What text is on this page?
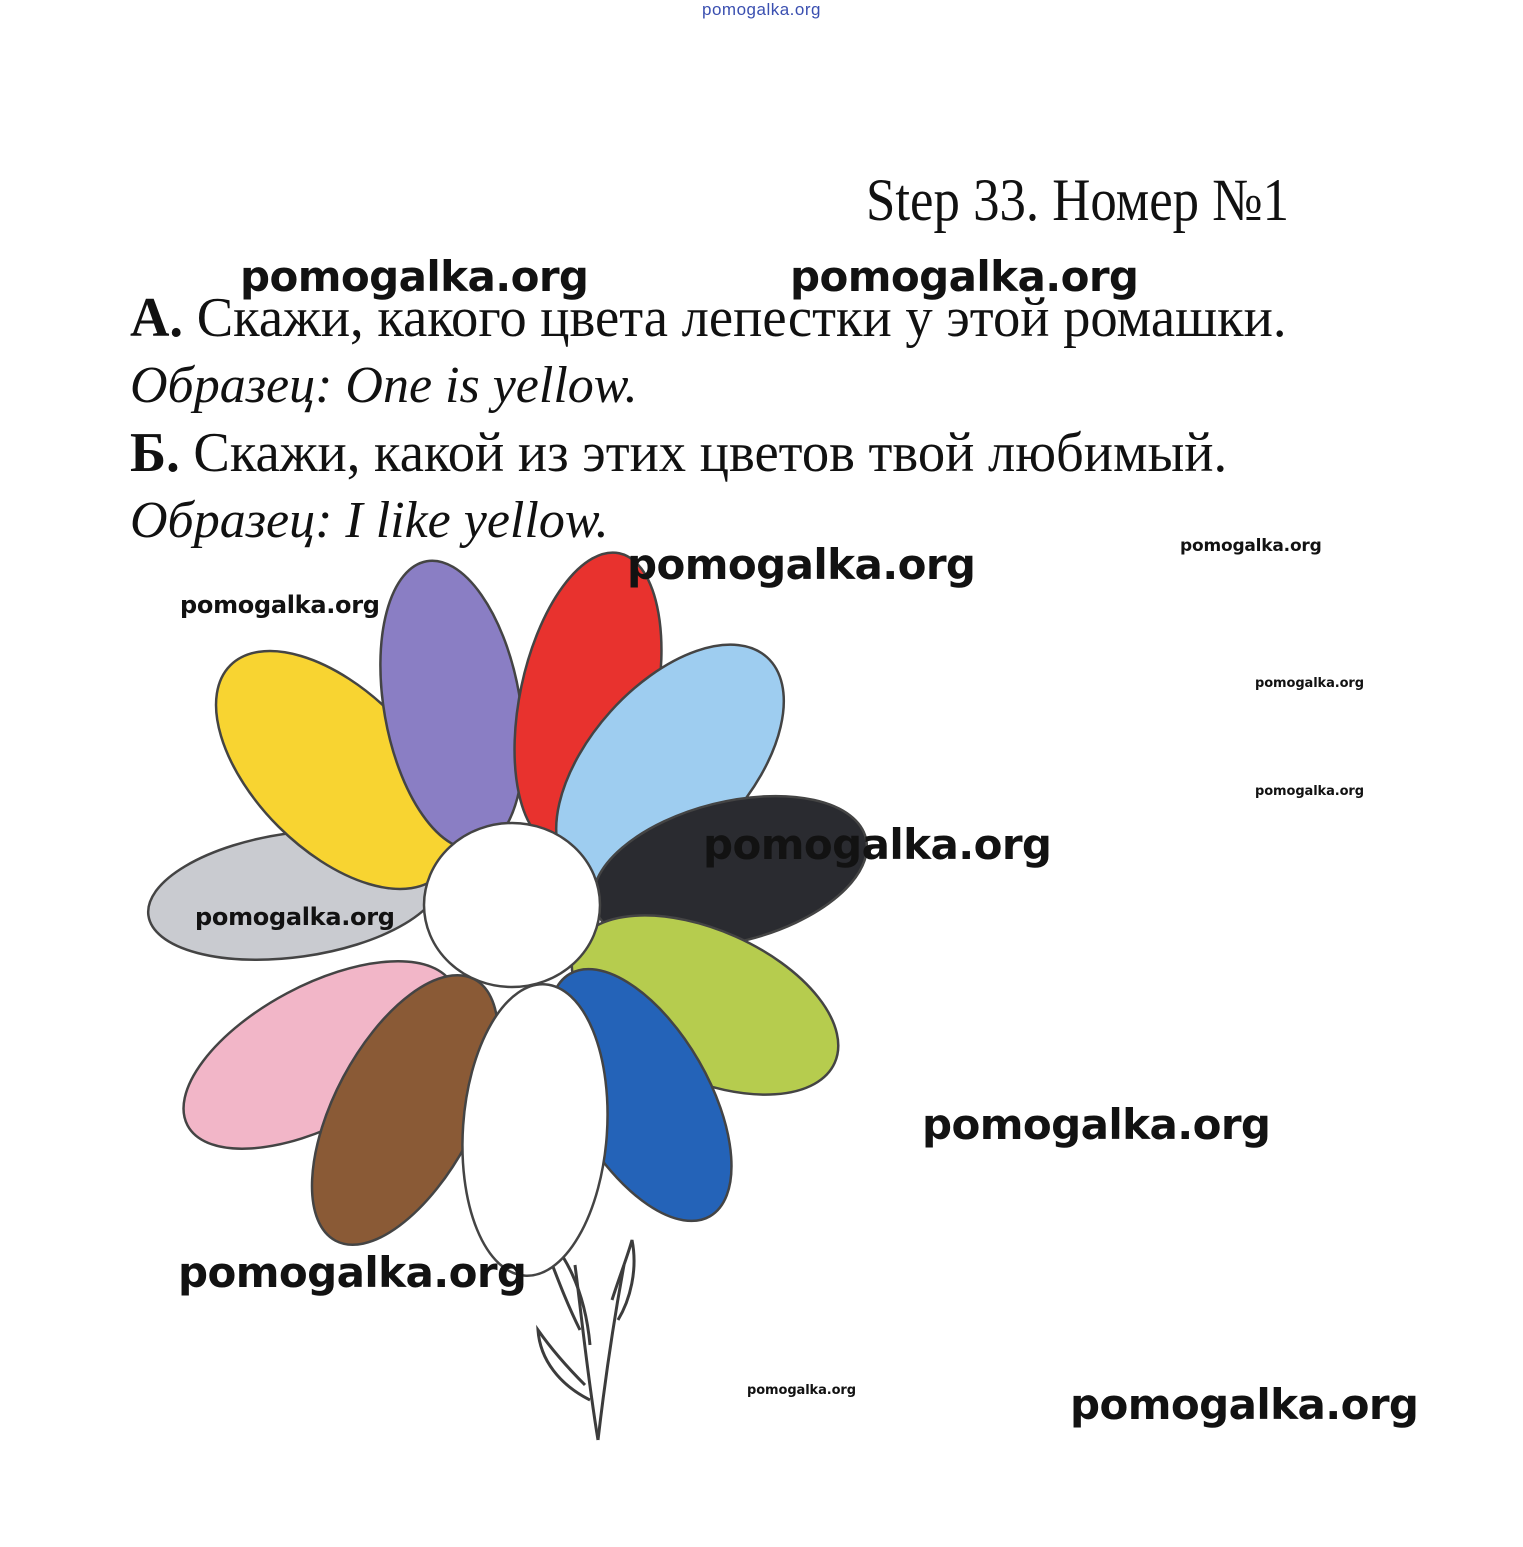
pomogalka.org
Step 33. Номер №1
А. Скажи, какого цвета лепестки у этой ромашки.
Образец: One is yellow.
Б. Скажи, какой из этих цветов твой любимый.
Образец: I like yellow.
pomogalka.org	pomogalka.org
pomogalka.org	pomogalka.org
pomogalka.org
pomogalka.org
pomogalka.org
pomogalka.org
pomogalka.org
pomogalka.org
pomogalka.org
pomogalka.org	pomogalka.org
